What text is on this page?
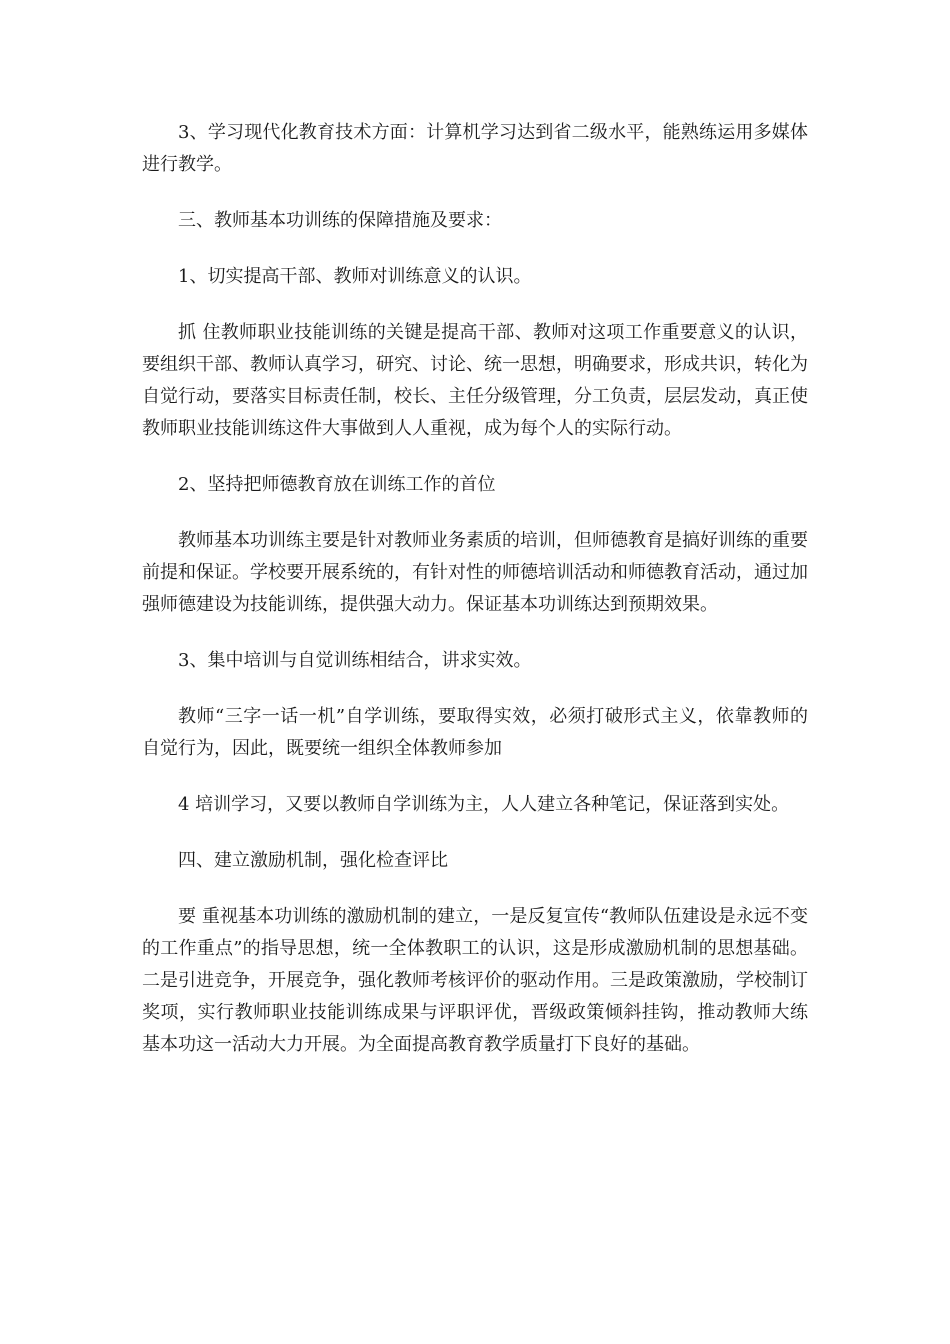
3、学习现代化教育技术方面：计算机学习达到省二级水平，能熟练运用多媒体进行教学。

三、教师基本功训练的保障措施及要求：

1、切实提高干部、教师对训练意义的认识。

抓 住教师职业技能训练的关键是提高干部、教师对这项工作重要意义的认识，要组织干部、教师认真学习，研究、讨论、统一思想，明确要求，形成共识，转化为自觉行动，要落实目标责任制，校长、主任分级管理，分工负责，层层发动，真正使教师职业技能训练这件大事做到人人重视，成为每个人的实际行动。

2、坚持把师德教育放在训练工作的首位

教师基本功训练主要是针对教师业务素质的培训，但师德教育是搞好训练的重要前提和保证。学校要开展系统的，有针对性的师德培训活动和师德教育活动，通过加强师德建设为技能训练，提供强大动力。保证基本功训练达到预期效果。

3、集中培训与自觉训练相结合，讲求实效。

教师“三字一话一机”自学训练，要取得实效，必须打破形式主义，依靠教师的自觉行为，因此，既要统一组织全体教师参加

4 培训学习，又要以教师自学训练为主，人人建立各种笔记，保证落到实处。

四、建立激励机制，强化检查评比

要 重视基本功训练的激励机制的建立，一是反复宣传“教师队伍建设是永远不变的工作重点”的指导思想，统一全体教职工的认识，这是形成激励机制的思想基础。二是引进竞争，开展竞争，强化教师考核评价的驱动作用。三是政策激励，学校制订奖项，实行教师职业技能训练成果与评职评优，晋级政策倾斜挂钩，推动教师大练 基本功这一活动大力开展。为全面提高教育教学质量打下良好的基础。
